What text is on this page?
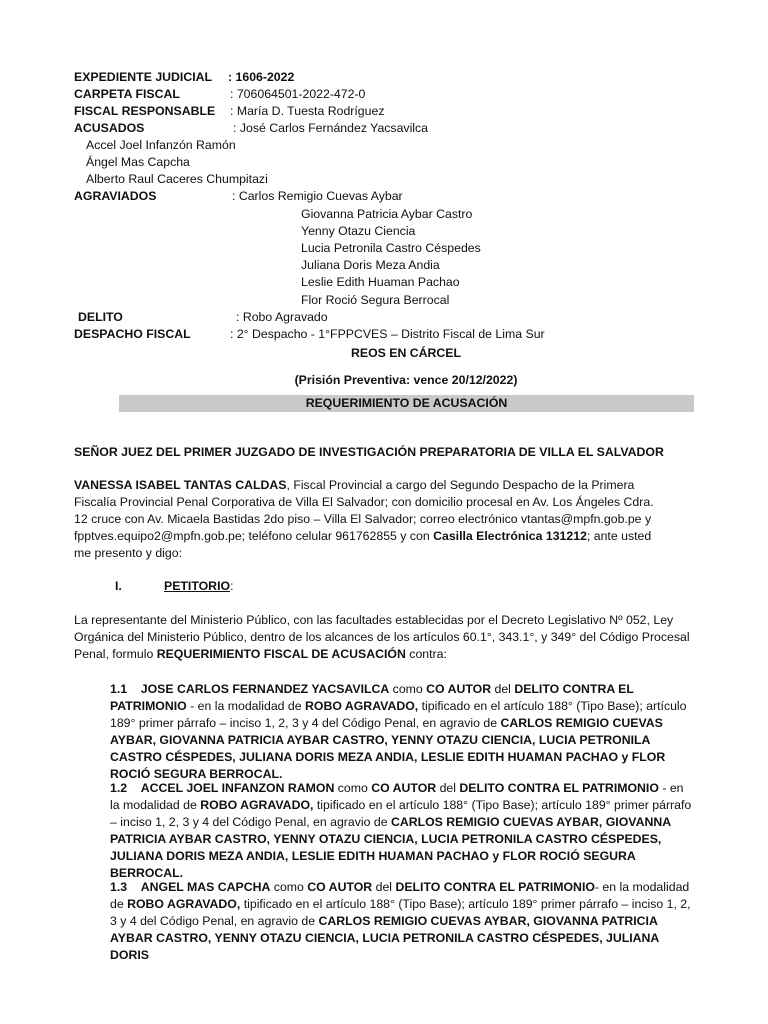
EXPEDIENTE JUDICIAL : 1606-2022
CARPETA FISCAL	: 706064501-2022-472-0
FISCAL RESPONSABLE : María D. Tuesta Rodríguez
ACUSADOS	: José Carlos Fernández Yacsavilca
Accel Joel Infanzón Ramón
Ángel Mas Capcha
Alberto Raul Caceres Chumpitazi
AGRAVIADOS	: Carlos Remigio Cuevas Aybar
Giovanna Patricia Aybar Castro
Yenny Otazu Ciencia
Lucia Petronila Castro Céspedes
Juliana Doris Meza Andia
Leslie Edith Huaman Pachao
Flor Roció Segura Berrocal
DELITO	: Robo Agravado
DESPACHO FISCAL	: 2° Despacho - 1°FPPCVES – Distrito Fiscal de Lima Sur
REOS EN CÁRCEL
(Prisión Preventiva: vence 20/12/2022)
REQUERIMIENTO DE ACUSACIÓN
SEÑOR JUEZ DEL PRIMER JUZGADO DE INVESTIGACIÓN PREPARATORIA DE VILLA EL SALVADOR
VANESSA ISABEL TANTAS CALDAS, Fiscal Provincial a cargo del Segundo Despacho de la Primera Fiscalía Provincial Penal Corporativa de Villa El Salvador; con domicilio procesal en Av. Los Ángeles Cdra. 12 cruce con Av. Micaela Bastidas 2do piso – Villa El Salvador; correo electrónico vtantas@mpfn.gob.pe y fpptves.equipo2@mpfn.gob.pe; teléfono celular 961762855 y con Casilla Electrónica 131212; ante usted me presento y digo:
I.	PETITORIO:
La representante del Ministerio Público, con las facultades establecidas por el Decreto Legislativo Nº 052, Ley Orgánica del Ministerio Público, dentro de los alcances de los artículos 60.1°, 343.1°, y 349° del Código Procesal Penal, formulo REQUERIMIENTO FISCAL DE ACUSACIÓN contra:
1.1 JOSE CARLOS FERNANDEZ YACSAVILCA como CO AUTOR del DELITO CONTRA EL PATRIMONIO - en la modalidad de ROBO AGRAVADO, tipificado en el artículo 188° (Tipo Base); artículo 189° primer párrafo – inciso 1, 2, 3 y 4 del Código Penal, en agravio de CARLOS REMIGIO CUEVAS AYBAR, GIOVANNA PATRICIA AYBAR CASTRO, YENNY OTAZU CIENCIA, LUCIA PETRONILA CASTRO CÉSPEDES, JULIANA DORIS MEZA ANDIA, LESLIE EDITH HUAMAN PACHAO y FLOR ROCIÓ SEGURA BERROCAL.
1.2 ACCEL JOEL INFANZON RAMON como CO AUTOR del DELITO CONTRA EL PATRIMONIO - en la modalidad de ROBO AGRAVADO, tipificado en el artículo 188° (Tipo Base); artículo 189° primer párrafo – inciso 1, 2, 3 y 4 del Código Penal, en agravio de CARLOS REMIGIO CUEVAS AYBAR, GIOVANNA PATRICIA AYBAR CASTRO, YENNY OTAZU CIENCIA, LUCIA PETRONILA CASTRO CÉSPEDES, JULIANA DORIS MEZA ANDIA, LESLIE EDITH HUAMAN PACHAO y FLOR ROCIÓ SEGURA BERROCAL.
1.3 ANGEL MAS CAPCHA como CO AUTOR del DELITO CONTRA EL PATRIMONIO- en la modalidad de ROBO AGRAVADO, tipificado en el artículo 188° (Tipo Base); artículo 189° primer párrafo – inciso 1, 2, 3 y 4 del Código Penal, en agravio de CARLOS REMIGIO CUEVAS AYBAR, GIOVANNA PATRICIA AYBAR CASTRO, YENNY OTAZU CIENCIA, LUCIA PETRONILA CASTRO CÉSPEDES, JULIANA DORIS
